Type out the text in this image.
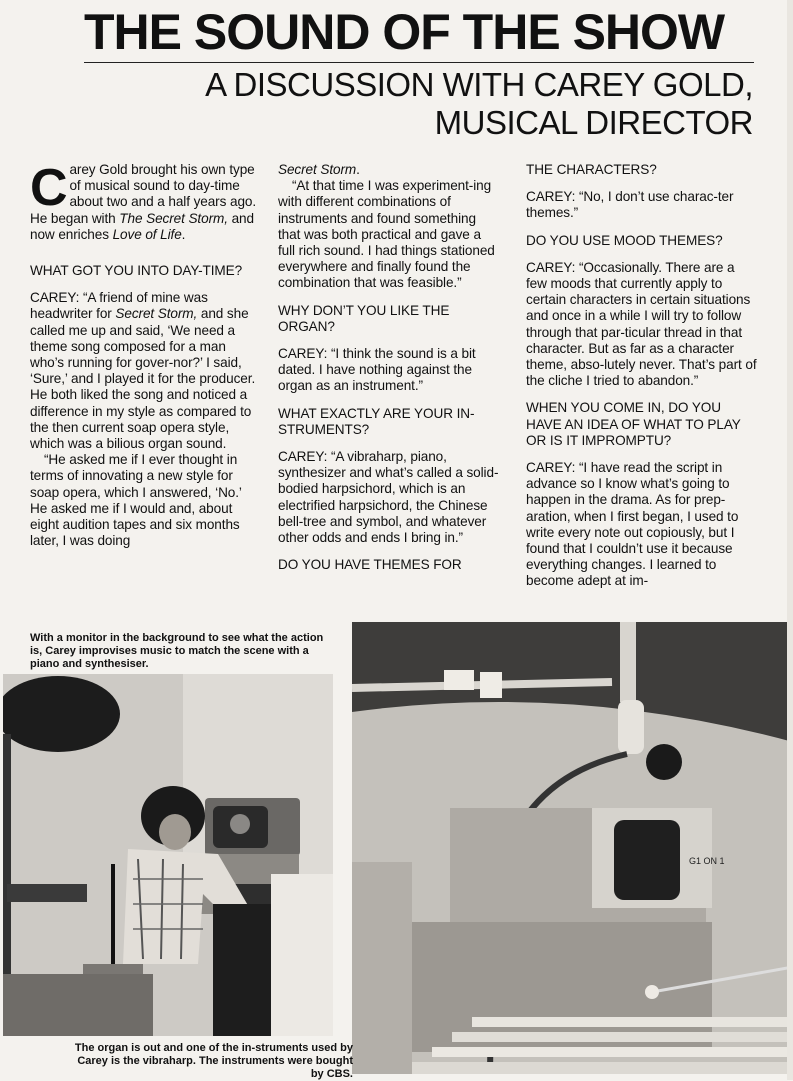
THE SOUND OF THE SHOW
A DISCUSSION WITH CAREY GOLD,
MUSICAL DIRECTOR

Carey Gold brought his own type of musical sound to day-time about two and a half years ago. He began with The Secret Storm, and now enriches Love of Life.

WHAT GOT YOU INTO DAY-TIME?

CAREY: “A friend of mine was headwriter for Secret Storm, and she called me up and said, ‘We need a theme song composed for a man who’s running for gover-nor?’ I said, ‘Sure,’ and I played it for the producer. He both liked the song and noticed a difference in my style as compared to the then current soap opera style, which was a bilious organ sound.

“He asked me if I ever thought in terms of innovating a new style for soap opera, which I answered, ‘No.’ He asked me if I would and, about eight audition tapes and six months later, I was doing

Secret Storm.

“At that time I was experiment-ing with different combinations of instruments and found something that was both practical and gave a full rich sound. I had things stationed everywhere and finally found the combination that was feasible.”

WHY DON’T YOU LIKE THE ORGAN?

CAREY: “I think the sound is a bit dated. I have nothing against the organ as an instrument.”

WHAT EXACTLY ARE YOUR IN-STRUMENTS?

CAREY: “A vibraharp, piano, synthesizer and what’s called a solid-bodied harpsichord, which is an electrified harpsichord, the Chinese bell-tree and symbol, and whatever other odds and ends I bring in.”

DO YOU HAVE THEMES FOR

THE CHARACTERS?

CAREY: “No, I don’t use charac-ter themes.”

DO YOU USE MOOD THEMES?

CAREY: “Occasionally. There are a few moods that currently apply to certain characters in certain situations and once in a while I will try to follow through that par-ticular thread in that character. But as far as a character theme, abso-lutely never. That’s part of the cliche I tried to abandon.”

WHEN YOU COME IN, DO YOU HAVE AN IDEA OF WHAT TO PLAY OR IS IT IMPROMPTU?

CAREY: “I have read the script in advance so I know what’s going to happen in the drama. As for prep-aration, when I first began, I used to write every note out copiously, but I found that I couldn’t use it because everything changes. I learned to become adept at im-

With a monitor in the background to see what the action is, Carey improvises music to match the scene with a piano and synthesiser.
G1 ON 1
The organ is out and one of the in-struments used by Carey is the vibraharp. The instruments were bought by CBS.
